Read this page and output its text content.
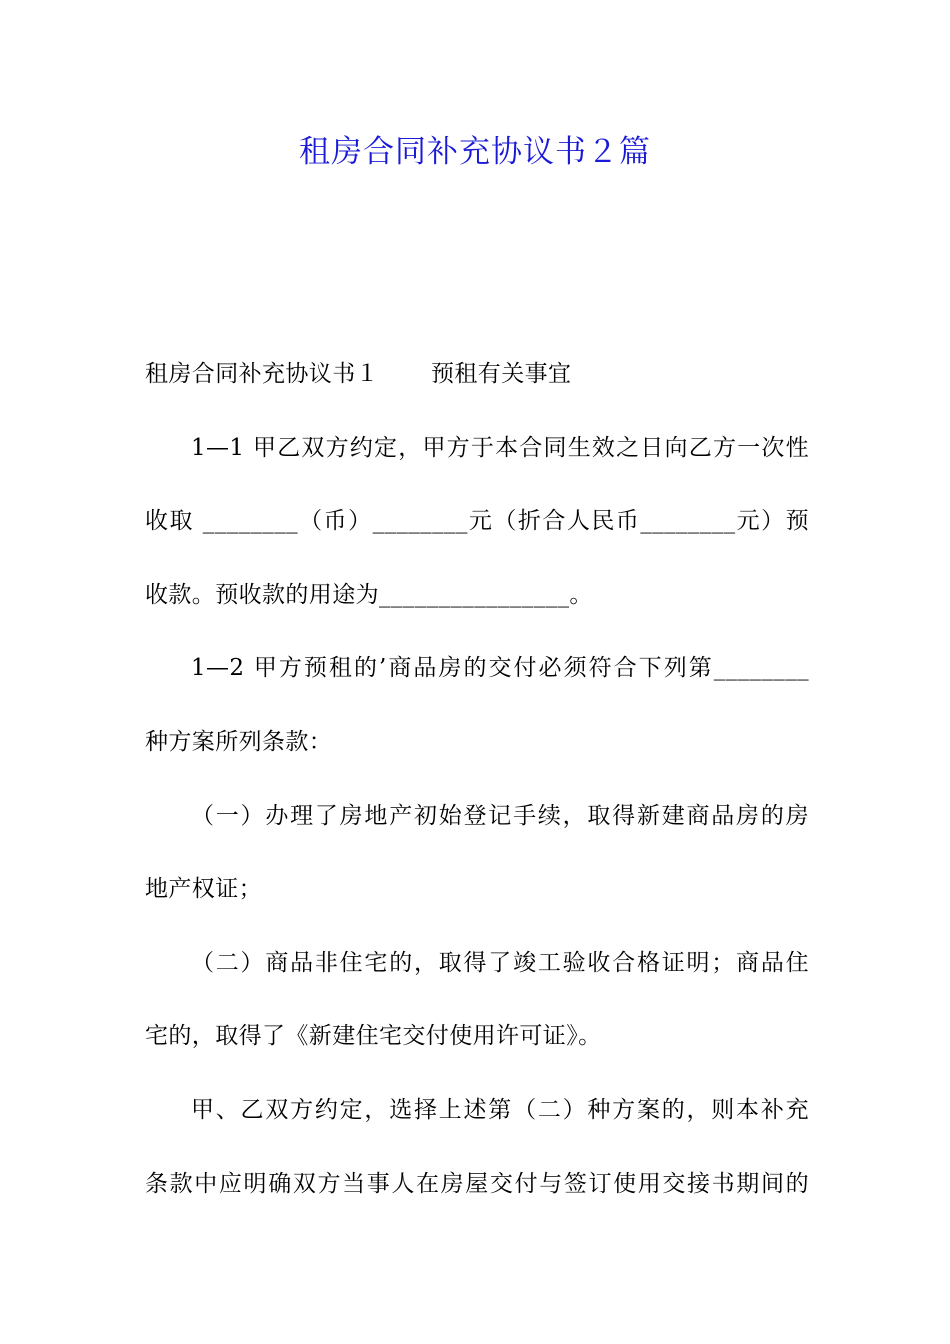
租房合同补充协议书２篇
租房合同补充协议书１ 预租有关事宜
1—1 甲乙双方约定，甲方于本合同生效之日向乙方一次性
收取 ________（币）________元（折合人民币________元）预
收款。预收款的用途为________________。
1—2 甲方预租的’商品房的交付必须符合下列第________
种方案所列条款：
（一）办理了房地产初始登记手续，取得新建商品房的房
地产权证；
（二）商品非住宅的，取得了竣工验收合格证明；商品住
宅的，取得了《新建住宅交付使用许可证》。
甲、乙双方约定，选择上述第（二）种方案的，则本补充
条款中应明确双方当事人在房屋交付与签订使用交接书期间的
